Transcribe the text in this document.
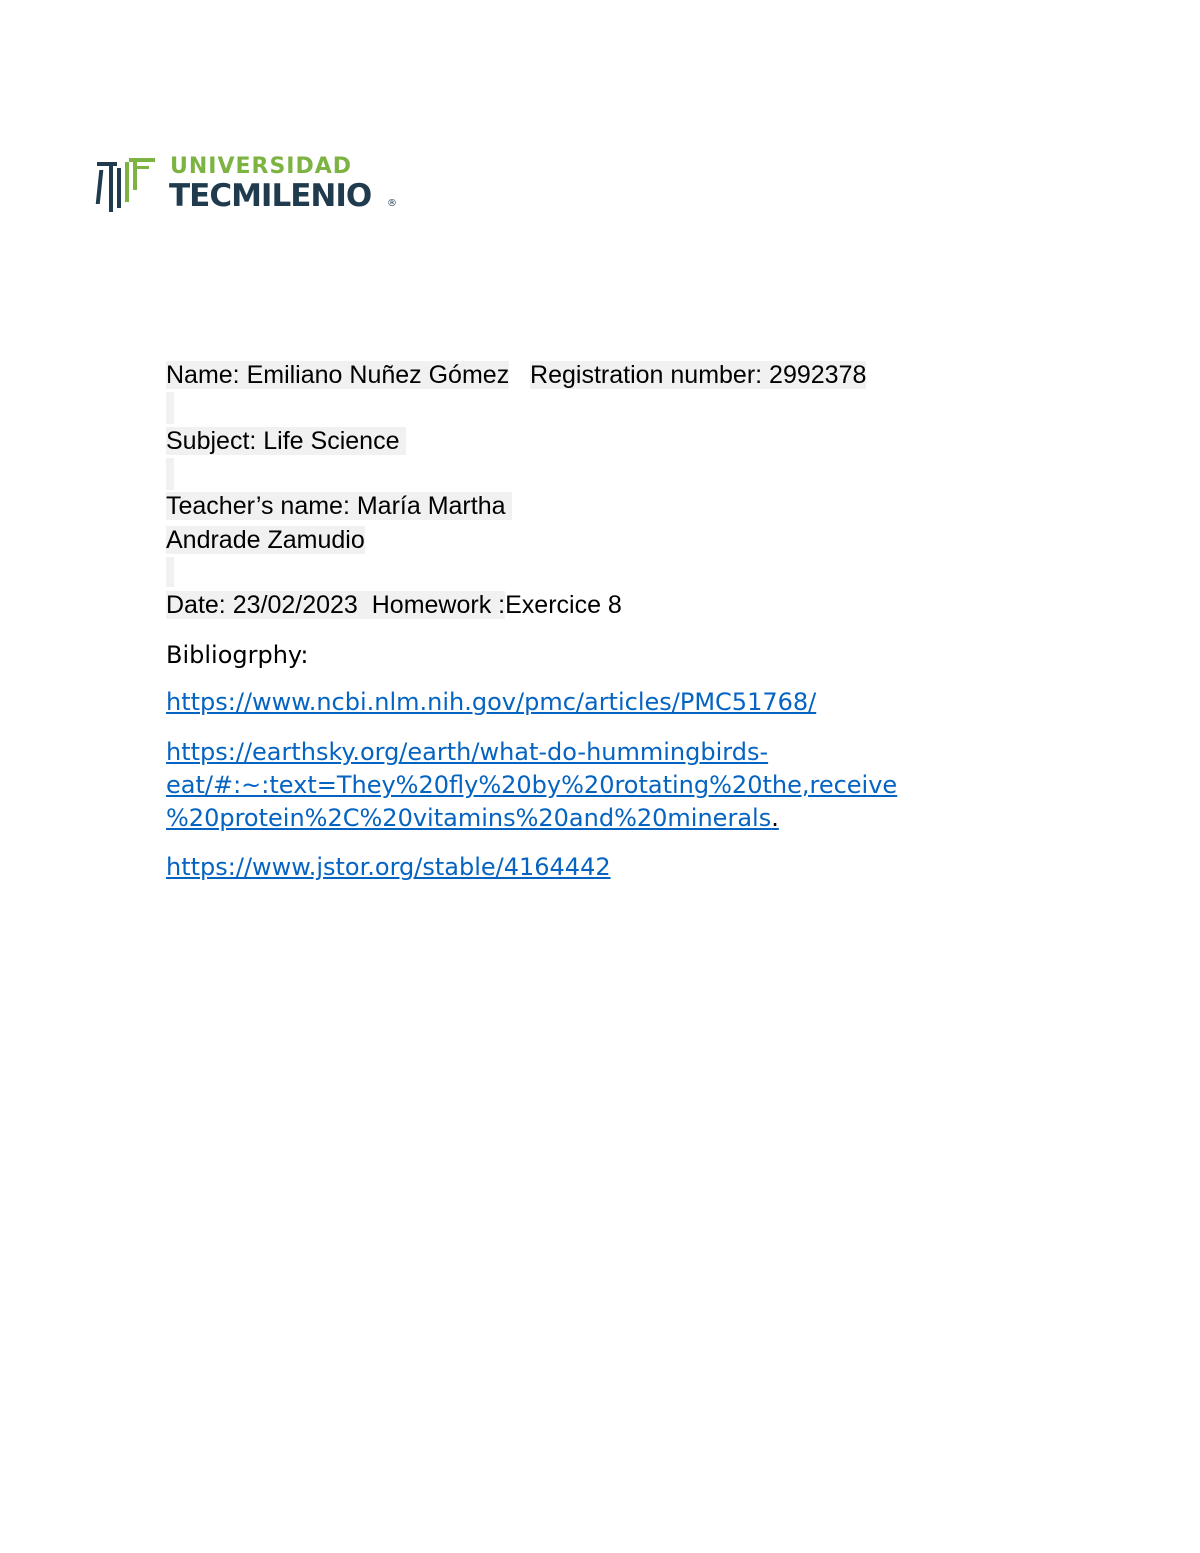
UNIVERSIDAD
TECMILENIO ®
Name: Emiliano Nuñez Gómez Registration number: 2992378
Subject: Life Science
Teacher’s name: María Martha
Andrade Zamudio
Date: 23/02/2023 Homework :Exercice 8
Bibliogrphy:
https://www.ncbi.nlm.nih.gov/pmc/articles/PMC51768/
https://earthsky.org/earth/what-do-hummingbirds-
eat/#:~:text=They%20fly%20by%20rotating%20the,receive
%20protein%2C%20vitamins%20and%20minerals.
https://www.jstor.org/stable/4164442
